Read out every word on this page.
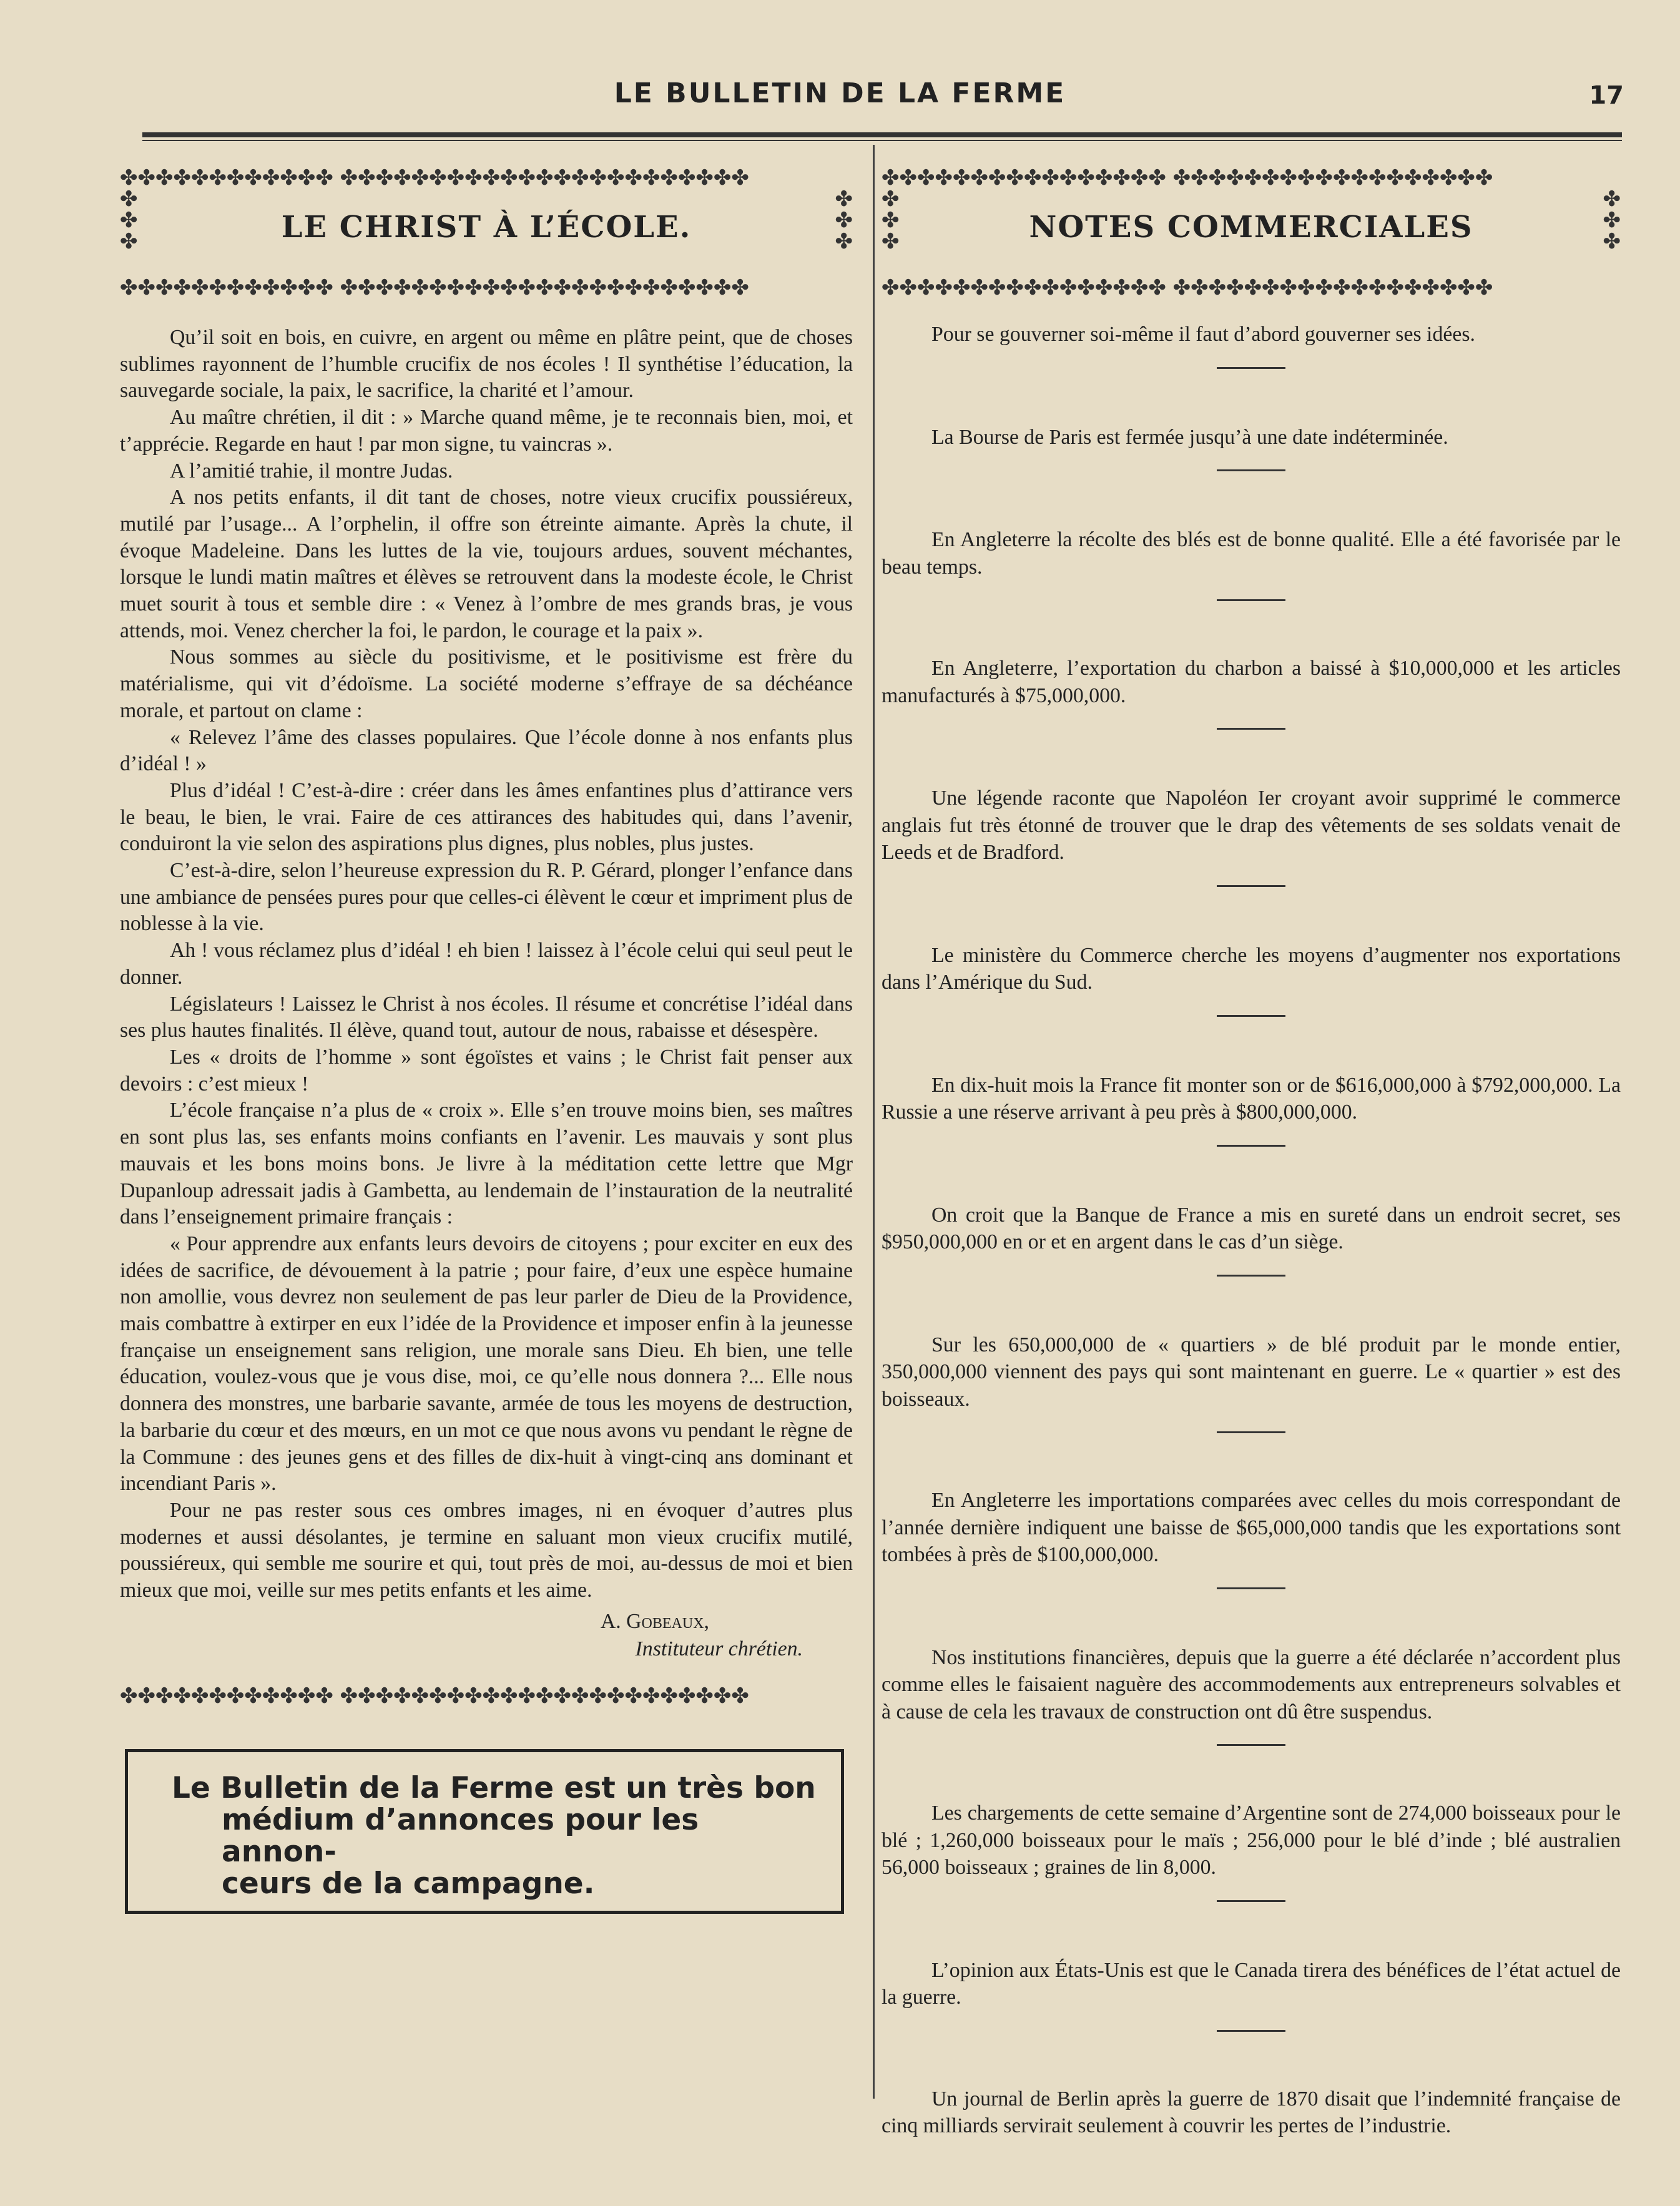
LE BULLETIN DE LA FERME	17
✤✤✤✤✤✤✤✤✤✤✤✤ ✤✤✤✤✤✤✤✤✤✤✤✤✤✤✤✤✤✤✤✤✤✤✤
✤ ✤ ✤
✤ ✤ ✤
LE CHRIST À L’ÉCOLE.
✤✤✤✤✤✤✤✤✤✤✤✤ ✤✤✤✤✤✤✤✤✤✤✤✤✤✤✤✤✤✤✤✤✤✤✤

Qu’il soit en bois, en cuivre, en argent ou même en plâtre peint, que de choses sublimes rayonnent de l’humble crucifix de nos écoles ! Il synthétise l’éducation, la sauvegarde sociale, la paix, le sacrifice, la charité et l’amour.

Au maître chrétien, il dit : » Marche quand même, je te reconnais bien, moi, et t’apprécie. Regarde en haut ! par mon signe, tu vaincras ».

A l’amitié trahie, il montre Judas.

A nos petits enfants, il dit tant de choses, notre vieux crucifix poussiéreux, mutilé par l’usage... A l’orphelin, il offre son étreinte aimante. Après la chute, il évoque Madeleine. Dans les luttes de la vie, toujours ardues, souvent méchantes, lorsque le lundi matin maîtres et élèves se retrouvent dans la modeste école, le Christ muet sourit à tous et semble dire : « Venez à l’ombre de mes grands bras, je vous attends, moi. Venez chercher la foi, le pardon, le courage et la paix ».

Nous sommes au siècle du positivisme, et le positivisme est frère du matérialisme, qui vit d’édoïsme. La société moderne s’effraye de sa déchéance morale, et partout on clame :

« Relevez l’âme des classes populaires. Que l’école donne à nos enfants plus d’idéal ! »

Plus d’idéal ! C’est-à-dire : créer dans les âmes enfantines plus d’attirance vers le beau, le bien, le vrai. Faire de ces attirances des habitudes qui, dans l’avenir, conduiront la vie selon des aspirations plus dignes, plus nobles, plus justes.

C’est-à-dire, selon l’heureuse expression du R. P. Gérard, plonger l’enfance dans une ambiance de pensées pures pour que celles-ci élèvent le cœur et impriment plus de noblesse à la vie.

Ah ! vous réclamez plus d’idéal ! eh bien ! laissez à l’école celui qui seul peut le donner.

Législateurs ! Laissez le Christ à nos écoles. Il résume et concrétise l’idéal dans ses plus hautes finalités. Il élève, quand tout, autour de nous, rabaisse et désespère.

Les « droits de l’homme » sont égoïstes et vains ; le Christ fait penser aux devoirs : c’est mieux !

L’école française n’a plus de « croix ». Elle s’en trouve moins bien, ses maîtres en sont plus las, ses enfants moins confiants en l’avenir. Les mauvais y sont plus mauvais et les bons moins bons. Je livre à la méditation cette lettre que Mgr Dupanloup adressait jadis à Gambetta, au lendemain de l’instauration de la neutralité dans l’enseignement primaire français :

« Pour apprendre aux enfants leurs devoirs de citoyens ; pour exciter en eux des idées de sacrifice, de dévouement à la patrie ; pour faire, d’eux une espèce humaine non amollie, vous devrez non seulement de pas leur parler de Dieu de la Providence, mais combattre à extirper en eux l’idée de la Providence et imposer enfin à la jeunesse française un enseignement sans religion, une morale sans Dieu. Eh bien, une telle éducation, voulez-vous que je vous dise, moi, ce qu’elle nous donnera ?... Elle nous donnera des monstres, une barbarie savante, armée de tous les moyens de destruction, la barbarie du cœur et des mœurs, en un mot ce que nous avons vu pendant le règne de la Commune : des jeunes gens et des filles de dix-huit à vingt-cinq ans dominant et incendiant Paris ».

Pour ne pas rester sous ces ombres images, ni en évoquer d’autres plus modernes et aussi désolantes, je termine en saluant mon vieux crucifix mutilé, poussiéreux, qui semble me sourire et qui, tout près de moi, au-dessus de moi et bien mieux que moi, veille sur mes petits enfants et les aime.

A. Gobeaux,
Instituteur chrétien.
✤✤✤✤✤✤✤✤✤✤✤✤ ✤✤✤✤✤✤✤✤✤✤✤✤✤✤✤✤✤✤✤✤✤✤✤
Le Bulletin de la Ferme est un très bon
médium d’annonces pour les annon-
ceurs de la campagne.
✤✤✤✤✤✤✤✤✤✤✤✤✤✤✤✤ ✤✤✤✤✤✤✤✤✤✤✤✤✤✤✤✤✤✤
✤ ✤ ✤
✤ ✤ ✤
NOTES COMMERCIALES
✤✤✤✤✤✤✤✤✤✤✤✤✤✤✤✤ ✤✤✤✤✤✤✤✤✤✤✤✤✤✤✤✤✤✤

Pour se gouverner soi-même il faut d’abord gouverner ses idées.

La Bourse de Paris est fermée jusqu’à une date indéterminée.

En Angleterre la récolte des blés est de bonne qualité. Elle a été favorisée par le beau temps.

En Angleterre, l’exportation du charbon a baissé à $10,000,000 et les articles manufacturés à $75,000,000.

Une légende raconte que Napoléon Ier croyant avoir supprimé le commerce anglais fut très étonné de trouver que le drap des vêtements de ses soldats venait de Leeds et de Bradford.

Le ministère du Commerce cherche les moyens d’augmenter nos exportations dans l’Amérique du Sud.

En dix-huit mois la France fit monter son or de $616,000,000 à $792,000,000. La Russie a une réserve arrivant à peu près à $800,000,000.

On croit que la Banque de France a mis en sureté dans un endroit secret, ses $950,000,000 en or et en argent dans le cas d’un siège.

Sur les 650,000,000 de « quartiers » de blé produit par le monde entier, 350,000,000 viennent des pays qui sont maintenant en guerre. Le « quartier » est des boisseaux.

En Angleterre les importations comparées avec celles du mois correspondant de l’année dernière indiquent une baisse de $65,000,000 tandis que les exportations sont tombées à près de $100,000,000.

Nos institutions financières, depuis que la guerre a été déclarée n’accordent plus comme elles le faisaient naguère des accommodements aux entrepreneurs solvables et à cause de cela les travaux de construction ont dû être suspendus.

Les chargements de cette semaine d’Argentine sont de 274,000 boisseaux pour le blé ; 1,260,000 boisseaux pour le maïs ; 256,000 pour le blé d’inde ; blé australien 56,000 boisseaux ; graines de lin 8,000.

L’opinion aux États-Unis est que le Canada tirera des bénéfices de l’état actuel de la guerre.

Un journal de Berlin après la guerre de 1870 disait que l’indemnité française de cinq milliards servirait seulement à couvrir les pertes de l’industrie.
